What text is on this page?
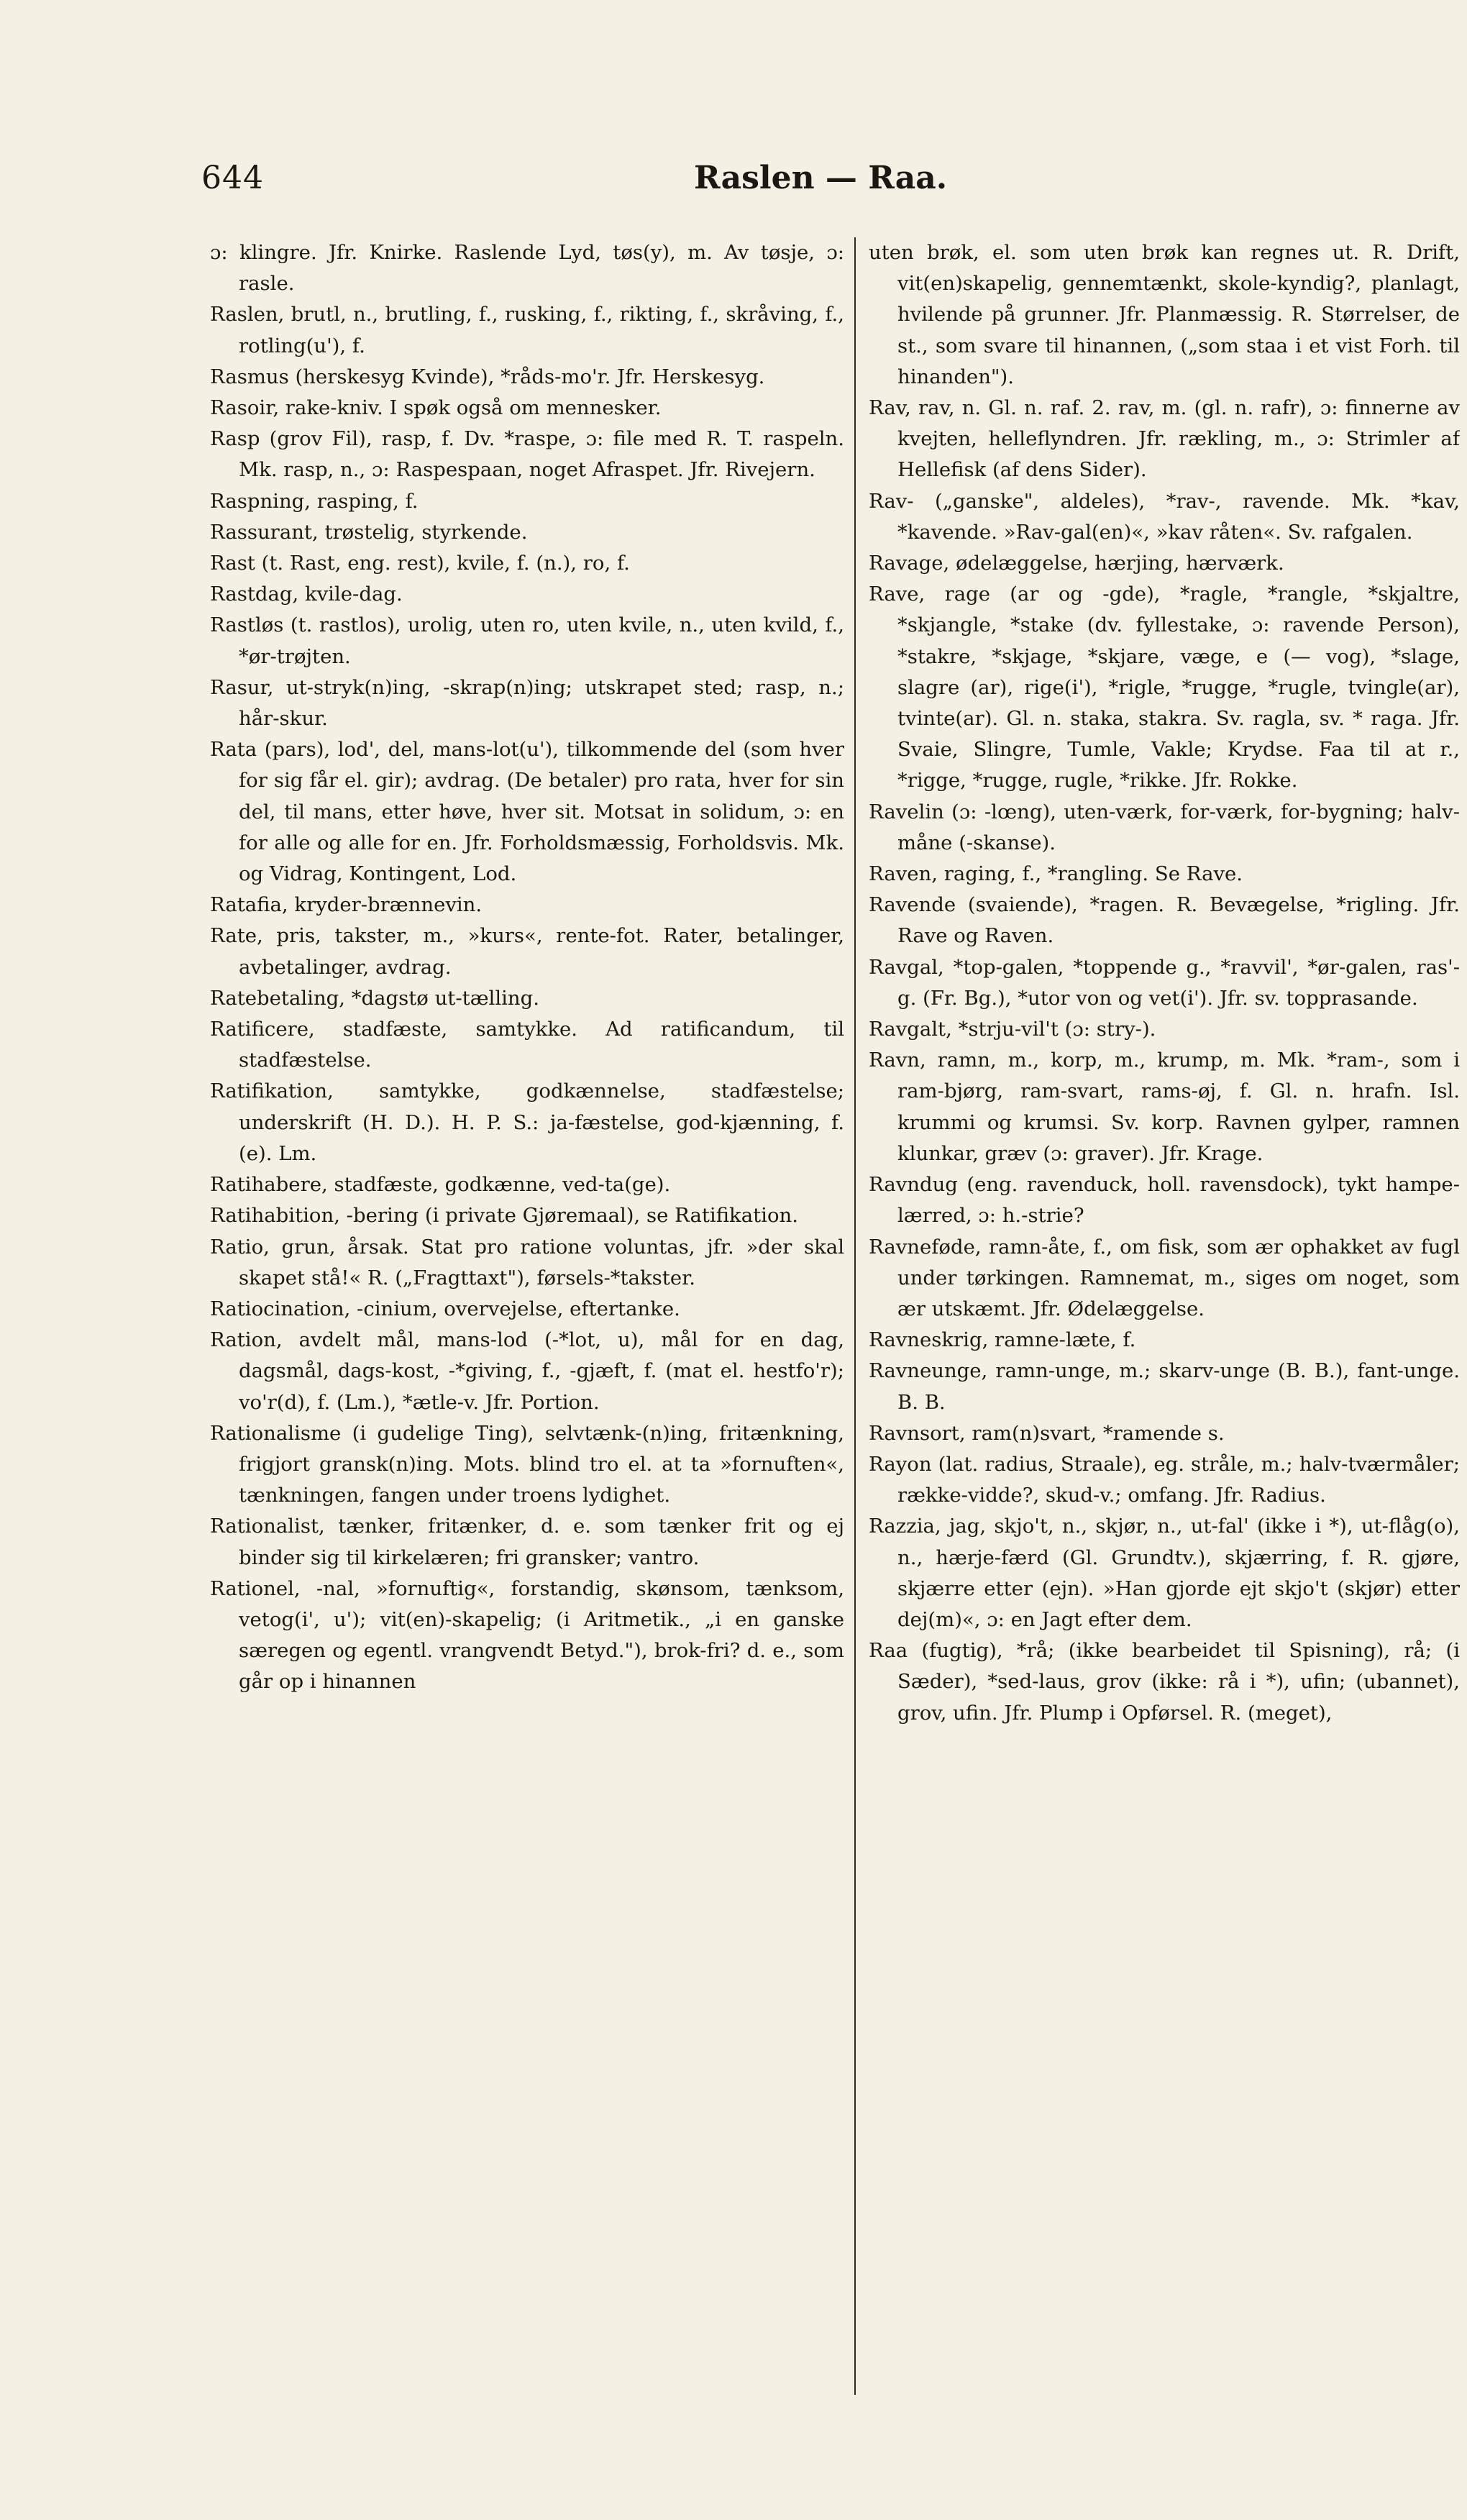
644	Raslen — Raa.

ɔ: klingre. Jfr. Knirke. Raslende Lyd, tøs(y), m. Av tøsje, ɔ: rasle.

Raslen, brutl, n., brutling, f., rusking, f., rikting, f., skråving, f., rotling(u'), f.

Rasmus (herskesyg Kvinde), *råds-mo'r. Jfr. Herskesyg.

Rasoir, rake-kniv. I spøk også om mennesker.

Rasp (grov Fil), rasp, f. Dv. *raspe, ɔ: file med R. T. raspeln. Mk. rasp, n., ɔ: Raspespaan, noget Afraspet. Jfr. Rivejern.

Raspning, rasping, f.

Rassurant, trøstelig, styrkende.

Rast (t. Rast, eng. rest), kvile, f. (n.), ro, f.

Rastdag, kvile-dag.

Rastløs (t. rastlos), urolig, uten ro, uten kvile, n., uten kvild, f., *ør-trøjten.

Rasur, ut-stryk(n)ing, -skrap(n)ing; utskrapet sted; rasp, n.; hår-skur.

Rata (pars), lod', del, mans-lot(u'), tilkommende del (som hver for sig får el. gir); avdrag. (De betaler) pro rata, hver for sin del, til mans, etter høve, hver sit. Motsat in solidum, ɔ: en for alle og alle for en. Jfr. Forholdsmæssig, Forholdsvis. Mk. og Vidrag, Kontingent, Lod.

Ratafia, kryder-brænnevin.

Rate, pris, takster, m., »kurs«, rente-fot. Rater, betalinger, avbetalinger, avdrag.

Ratebetaling, *dagstø ut-tælling.

Ratificere, stadfæste, samtykke. Ad ratificandum, til stadfæstelse.

Ratifikation, samtykke, godkænnelse, stadfæstelse; underskrift (H. D.). H. P. S.: ja-fæstelse, god-kjænning, f. (e). Lm.

Ratihabere, stadfæste, godkænne, ved-ta(ge).

Ratihabition, -bering (i private Gjøremaal), se Ratifikation.

Ratio, grun, årsak. Stat pro ratione voluntas, jfr. »der skal skapet stå!« R. („Fragttaxt"), førsels-*takster.

Ratiocination, -cinium, overvejelse, eftertanke.

Ration, avdelt mål, mans-lod (-*lot, u), mål for en dag, dagsmål, dags-kost, -*giving, f., -gjæft, f. (mat el. hestfo'r); vo'r(d), f. (Lm.), *ætle-v. Jfr. Portion.

Rationalisme (i gudelige Ting), selvtænk-(n)ing, fritænkning, frigjort gransk(n)ing. Mots. blind tro el. at ta »fornuften«, tænkningen, fangen under troens lydighet.

Rationalist, tænker, fritænker, d. e. som tænker frit og ej binder sig til kirkelæren; fri gransker; vantro.

Rationel, -nal, »fornuftig«, forstandig, skønsom, tænksom, vetog(i', u'); vit(en)-skapelig; (i Aritmetik., „i en ganske særegen og egentl. vrangvendt Betyd."), brok-fri? d. e., som går op i hinannen

uten brøk, el. som uten brøk kan regnes ut. R. Drift, vit(en)skapelig, gennemtænkt, skole-kyndig?, planlagt, hvilende på grunner. Jfr. Planmæssig. R. Størrelser, de st., som svare til hinannen, („som staa i et vist Forh. til hinanden").

Rav, rav, n. Gl. n. raf. 2. rav, m. (gl. n. rafr), ɔ: finnerne av kvejten, helleflyndren. Jfr. rækling, m., ɔ: Strimler af Hellefisk (af dens Sider).

Rav- („ganske", aldeles), *rav-, ravende. Mk. *kav, *kavende. »Rav-gal(en)«, »kav råten«. Sv. rafgalen.

Ravage, ødelæggelse, hærjing, hærværk.

Rave, rage (ar og -gde), *ragle, *rangle, *skjaltre, *skjangle, *stake (dv. fyllestake, ɔ: ravende Person), *stakre, *skjage, *skjare, væge, e (— vog), *slage, slagre (ar), rige(i'), *rigle, *rugge, *rugle, tvingle(ar), tvinte(ar). Gl. n. staka, stakra. Sv. ragla, sv. * raga. Jfr. Svaie, Slingre, Tumle, Vakle; Krydse. Faa til at r., *rigge, *rugge, rugle, *rikke. Jfr. Rokke.

Ravelin (ɔ: -lœng), uten-værk, for-værk, for-bygning; halv-måne (-skanse).

Raven, raging, f., *rangling. Se Rave.

Ravende (svaiende), *ragen. R. Bevægelse, *rigling. Jfr. Rave og Raven.

Ravgal, *top-galen, *toppende g., *ravvil', *ør-galen, ras'-g. (Fr. Bg.), *utor von og vet(i'). Jfr. sv. topprasande.

Ravgalt, *strju-vil't (ɔ: stry-).

Ravn, ramn, m., korp, m., krump, m. Mk. *ram-, som i ram-bjørg, ram-svart, rams-øj, f. Gl. n. hrafn. Isl. krummi og krumsi. Sv. korp. Ravnen gylper, ramnen klunkar, græv (ɔ: graver). Jfr. Krage.

Ravndug (eng. ravenduck, holl. ravensdock), tykt hampe-lærred, ɔ: h.-strie?

Ravneføde, ramn-åte, f., om fisk, som ær ophakket av fugl under tørkingen. Ramnemat, m., siges om noget, som ær utskæmt. Jfr. Ødelæggelse.

Ravneskrig, ramne-læte, f.

Ravneunge, ramn-unge, m.; skarv-unge (B. B.), fant-unge. B. B.

Ravnsort, ram(n)svart, *ramende s.

Rayon (lat. radius, Straale), eg. stråle, m.; halv-tværmåler; række-vidde?, skud-v.; omfang. Jfr. Radius.

Razzia, jag, skjo't, n., skjør, n., ut-fal' (ikke i *), ut-flåg(o), n., hærje-færd (Gl. Grundtv.), skjærring, f. R. gjøre, skjærre etter (ejn). »Han gjorde ejt skjo't (skjør) etter dej(m)«, ɔ: en Jagt efter dem.

Raa (fugtig), *rå; (ikke bearbeidet til Spisning), rå; (i Sæder), *sed-laus, grov (ikke: rå i *), ufin; (ubannet), grov, ufin. Jfr. Plump i Opførsel. R. (meget),
